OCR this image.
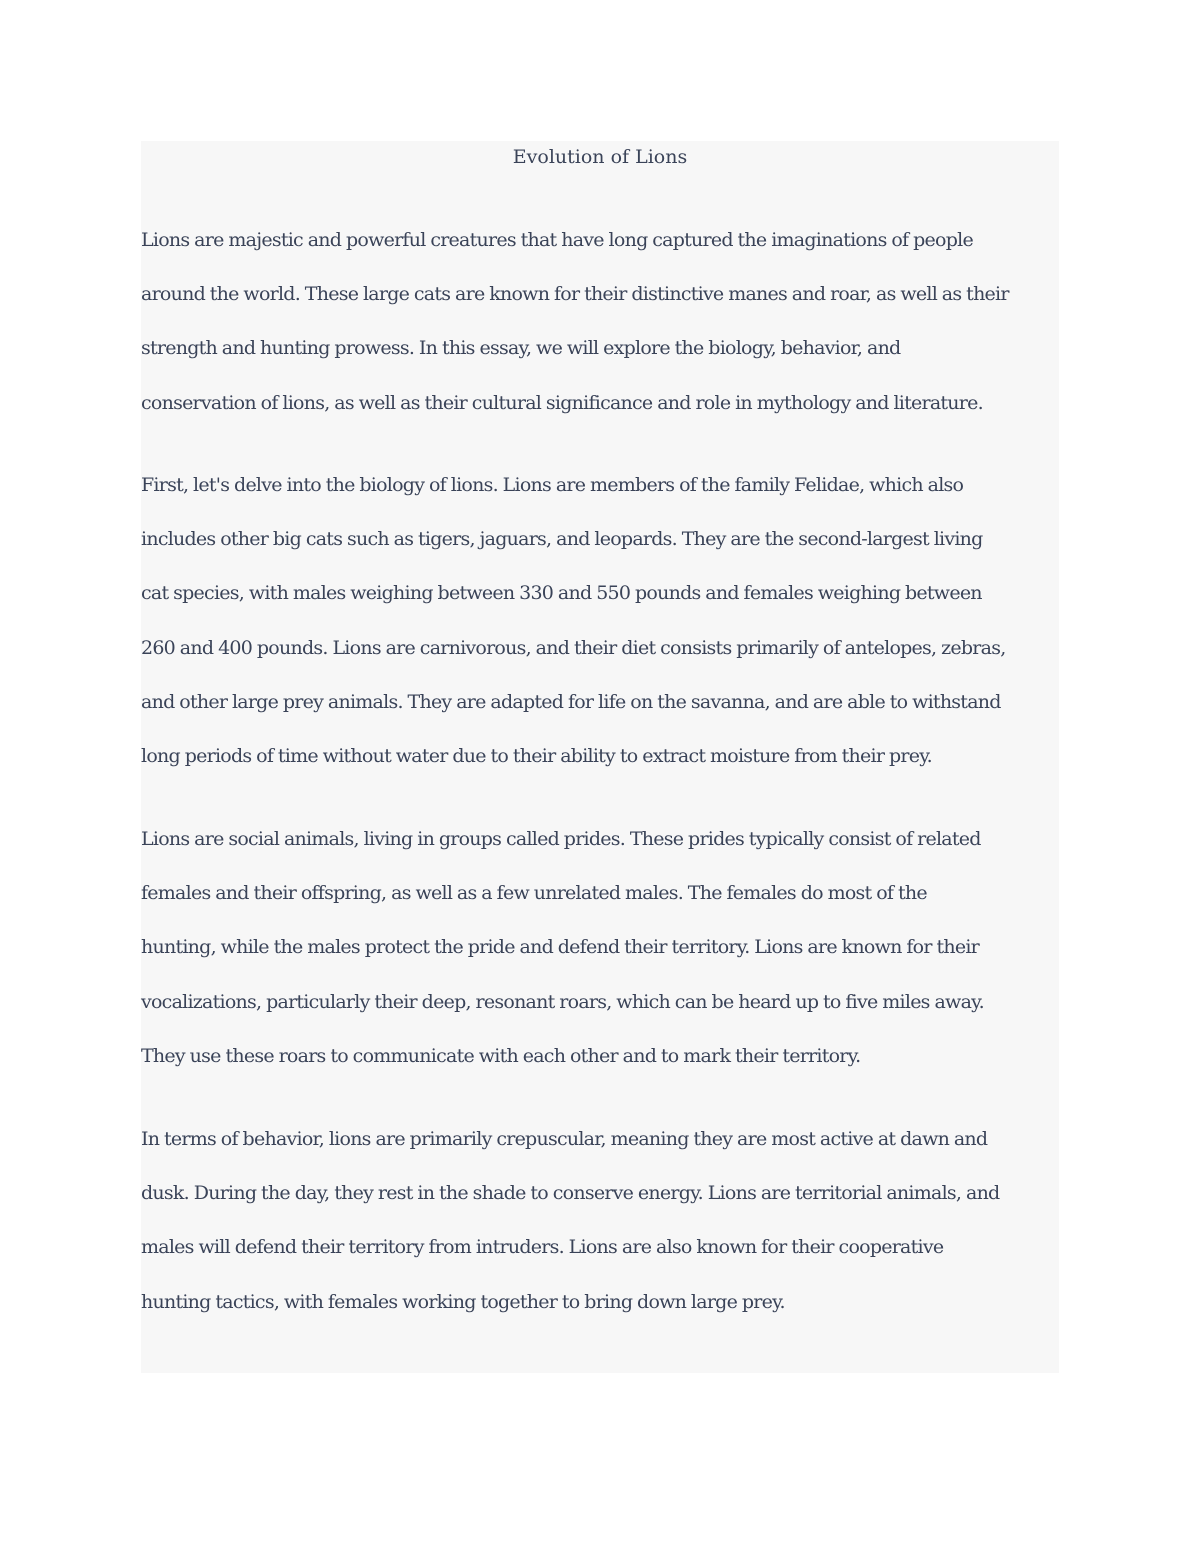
Evolution of Lions

Lions are majestic and powerful creatures that have long captured the imaginations of people
around the world. These large cats are known for their distinctive manes and roar, as well as their
strength and hunting prowess. In this essay, we will explore the biology, behavior, and
conservation of lions, as well as their cultural significance and role in mythology and literature.

First, let's delve into the biology of lions. Lions are members of the family Felidae, which also
includes other big cats such as tigers, jaguars, and leopards. They are the second-largest living
cat species, with males weighing between 330 and 550 pounds and females weighing between
260 and 400 pounds. Lions are carnivorous, and their diet consists primarily of antelopes, zebras,
and other large prey animals. They are adapted for life on the savanna, and are able to withstand
long periods of time without water due to their ability to extract moisture from their prey.

Lions are social animals, living in groups called prides. These prides typically consist of related
females and their offspring, as well as a few unrelated males. The females do most of the
hunting, while the males protect the pride and defend their territory. Lions are known for their
vocalizations, particularly their deep, resonant roars, which can be heard up to five miles away.
They use these roars to communicate with each other and to mark their territory.

In terms of behavior, lions are primarily crepuscular, meaning they are most active at dawn and
dusk. During the day, they rest in the shade to conserve energy. Lions are territorial animals, and
males will defend their territory from intruders. Lions are also known for their cooperative
hunting tactics, with females working together to bring down large prey.
